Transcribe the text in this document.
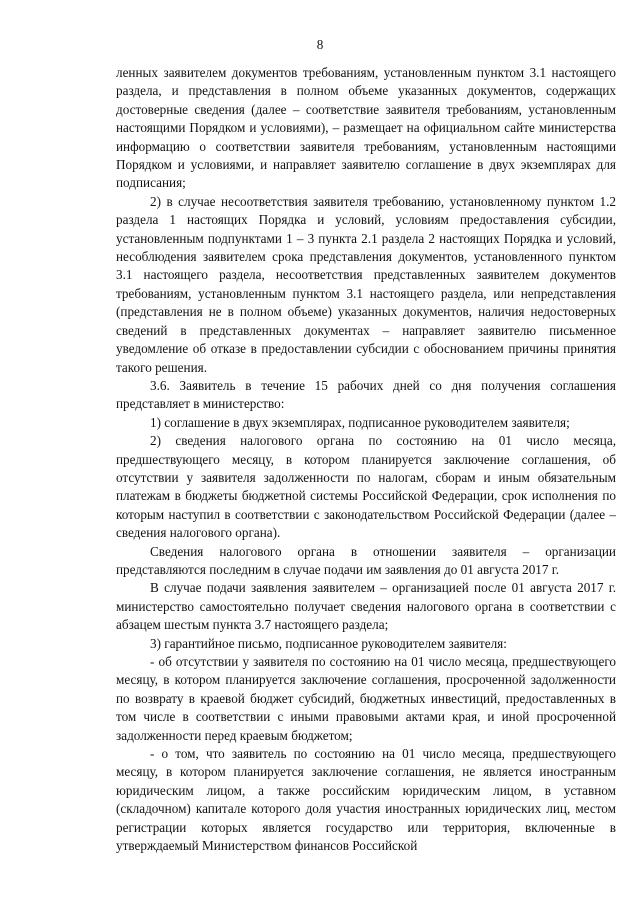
8

ленных заявителем документов требованиям, установленным пунктом 3.1 настоящего раздела, и представления в полном объеме указанных документов, содержащих достоверные сведения (далее – соответствие заявителя требованиям, установленным настоящими Порядком и условиями), – размещает на официальном сайте министерства информацию о соответствии заявителя требованиям, установленным настоящими Порядком и условиями, и направляет заявителю соглашение в двух экземплярах для подписания;

2) в случае несоответствия заявителя требованию, установленному пунктом 1.2 раздела 1 настоящих Порядка и условий, условиям предоставления субсидии, установленным подпунктами 1 – 3 пункта 2.1 раздела 2 настоящих Порядка и условий, несоблюдения заявителем срока представления документов, установленного пунктом 3.1 настоящего раздела, несоответствия представленных заявителем документов требованиям, установленным пунктом 3.1 настоящего раздела, или непредставления (представления не в полном объеме) указанных документов, наличия недостоверных сведений в представленных документах – направляет заявителю письменное уведомление об отказе в предоставлении субсидии с обоснованием причины принятия такого решения.

3.6. Заявитель в течение 15 рабочих дней со дня получения соглашения представляет в министерство:

1) соглашение в двух экземплярах, подписанное руководителем заявителя;

2) сведения налогового органа по состоянию на 01 число месяца, предшествующего месяцу, в котором планируется заключение соглашения, об отсутствии у заявителя задолженности по налогам, сборам и иным обязательным платежам в бюджеты бюджетной системы Российской Федерации, срок исполнения по которым наступил в соответствии с законодательством Российской Федерации (далее – сведения налогового органа).

Сведения налогового органа в отношении заявителя – организации представляются последним в случае подачи им заявления до 01 августа 2017 г.

В случае подачи заявления заявителем – организацией после 01 августа 2017 г. министерство самостоятельно получает сведения налогового органа в соответствии с абзацем шестым пункта 3.7 настоящего раздела;

3) гарантийное письмо, подписанное руководителем заявителя:

- об отсутствии у заявителя по состоянию на 01 число месяца, предшествующего месяцу, в котором планируется заключение соглашения, просроченной задолженности по возврату в краевой бюджет субсидий, бюджетных инвестиций, предоставленных в том числе в соответствии с иными правовыми актами края, и иной просроченной задолженности перед краевым бюджетом;

- о том, что заявитель по состоянию на 01 число месяца, предшествующего месяцу, в котором планируется заключение соглашения, не является иностранным юридическим лицом, а также российским юридическим лицом, в уставном (складочном) капитале которого доля участия иностранных юридических лиц, местом регистрации которых является государство или территория, включенные в утверждаемый Министерством финансов Российской
